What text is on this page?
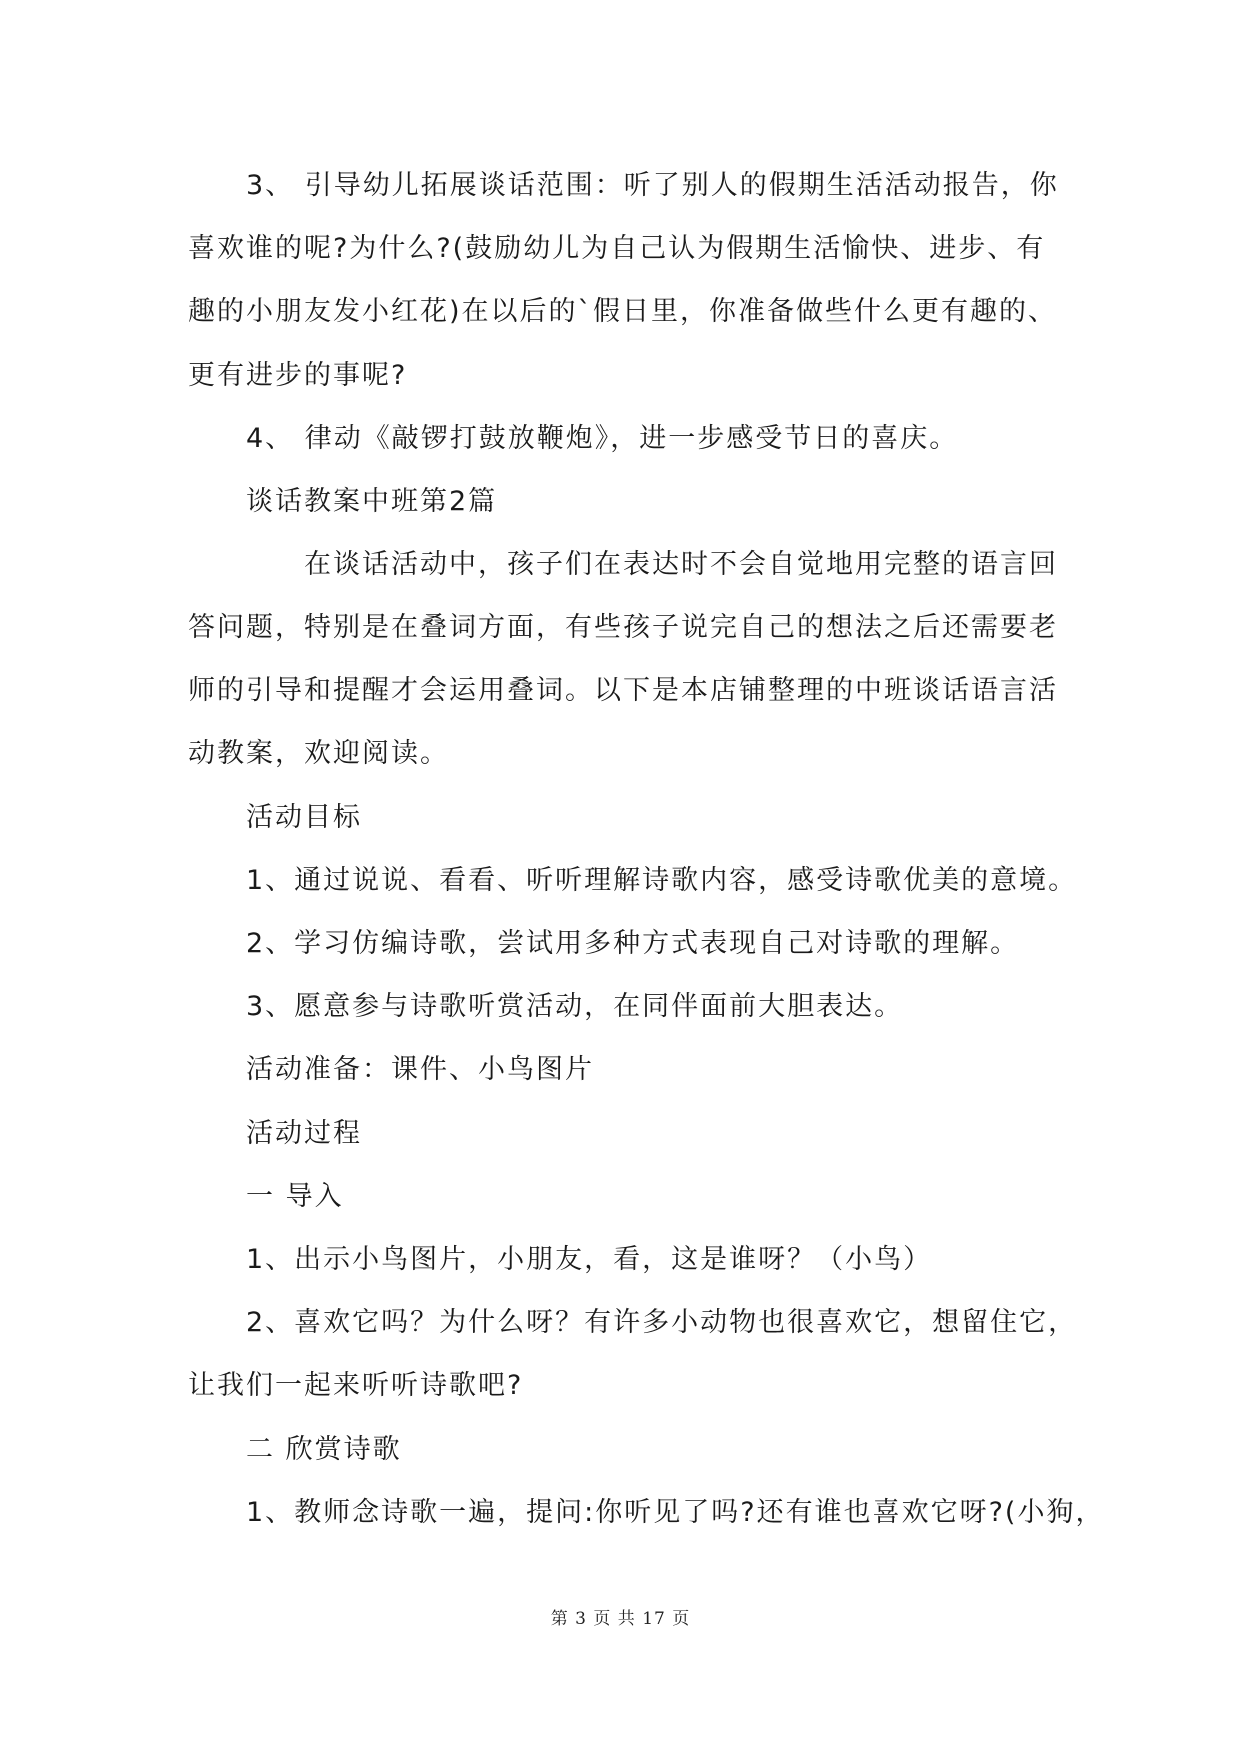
3、 引导幼儿拓展谈话范围：听了别人的假期生活活动报告，你
喜欢谁的呢?为什么?(鼓励幼儿为自己认为假期生活愉快、进步、有
趣的小朋友发小红花)在以后的`假日里，你准备做些什么更有趣的、
更有进步的事呢?
4、 律动《敲锣打鼓放鞭炮》，进一步感受节日的喜庆。
谈话教案中班第2篇
在谈话活动中，孩子们在表达时不会自觉地用完整的语言回
答问题，特别是在叠词方面，有些孩子说完自己的想法之后还需要老
师的引导和提醒才会运用叠词。以下是本店铺整理的中班谈话语言活
动教案，欢迎阅读。
活动目标
1、通过说说、看看、听听理解诗歌内容，感受诗歌优美的意境。
2、学习仿编诗歌，尝试用多种方式表现自己对诗歌的理解。
3、愿意参与诗歌听赏活动，在同伴面前大胆表达。
活动准备：课件、小鸟图片
活动过程
一 导入
1、出示小鸟图片，小朋友，看，这是谁呀？（小鸟）
2、喜欢它吗？为什么呀？有许多小动物也很喜欢它，想留住它，
让我们一起来听听诗歌吧?
二 欣赏诗歌
1、教师念诗歌一遍，提问:你听见了吗?还有谁也喜欢它呀?(小狗，
第 3 页 共 17 页
